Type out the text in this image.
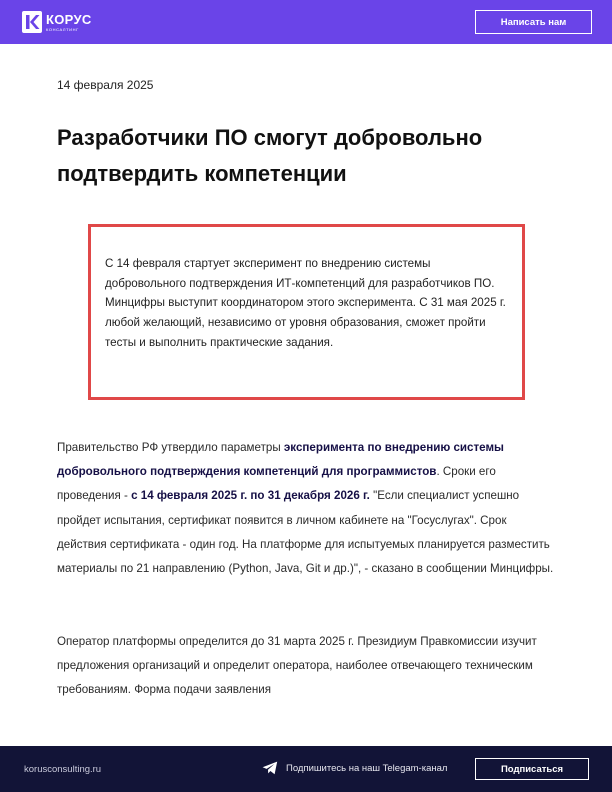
КОРУС
КОНСАЛТИНГ
Написать нам
14 февраля 2025
Разработчики ПО смогут добровольно подтвердить компетенции

С 14 февраля стартует эксперимент по внедрению системы добровольного подтверждения ИТ-компетенций для разработчиков ПО. Минцифры выступит координатором этого эксперимента. С 31 мая 2025 г. любой желающий, независимо от уровня образования, сможет пройти тесты и выполнить практические задания.

Правительство РФ утвердило параметры эксперимента по внедрению системы добровольного подтверждения компетенций для программистов. Сроки его проведения - с 14 февраля 2025 г. по 31 декабря 2026 г. "Если специалист успешно пройдет испытания, сертификат появится в личном кабинете на "Госуслугах". Срок действия сертификата - один год. На платформе для испытуемых планируется разместить материалы по 21 направлению (Python, Java, Git и др.)", - сказано в сообщении Минцифры.

Оператор платформы определится до 31 марта 2025 г. Президиум Правкомиссии изучит предложения организаций и определит оператора, наиболее отвечающего техническим требованиям. Форма подачи заявления

korusconsulting.ru	Подпишитесь на наш Telegam-канал	Подписаться
